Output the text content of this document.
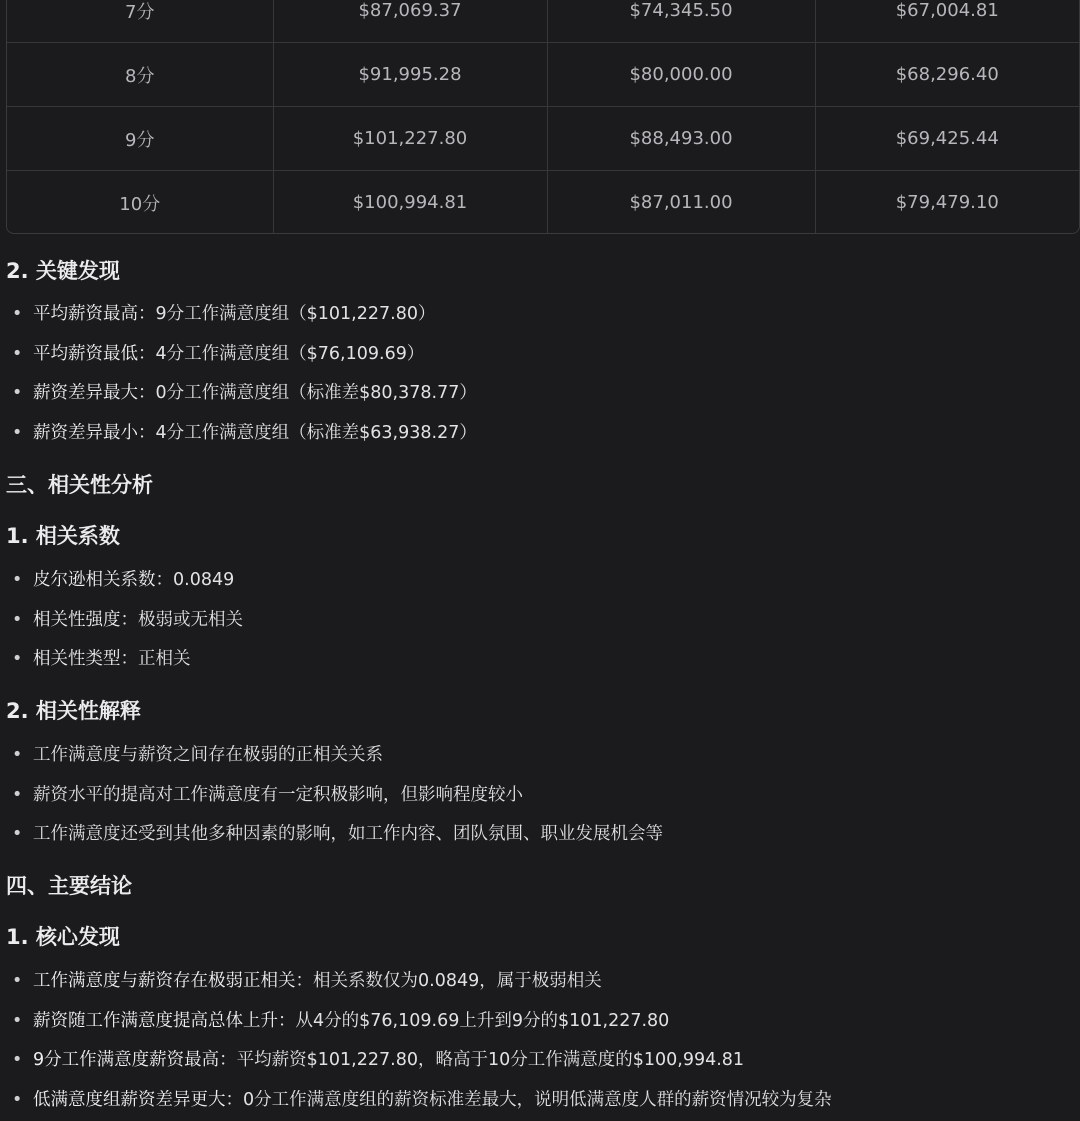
7分	$87,069.37	$74,345.50	$67,004.81
8分	$91,995.28	$80,000.00	$68,296.40
9分	$101,227.80	$88,493.00	$69,425.44
10分	$100,994.81	$87,011.00	$79,479.10
2. 关键发现
• 平均薪资最高：9分工作满意度组（$101,227.80）
• 平均薪资最低：4分工作满意度组（$76,109.69）
• 薪资差异最大：0分工作满意度组（标准差$80,378.77）
• 薪资差异最小：4分工作满意度组（标准差$63,938.27）
三、相关性分析
1. 相关系数
• 皮尔逊相关系数：0.0849
• 相关性强度：极弱或无相关
• 相关性类型：正相关
2. 相关性解释
• 工作满意度与薪资之间存在极弱的正相关关系
• 薪资水平的提高对工作满意度有一定积极影响，但影响程度较小
• 工作满意度还受到其他多种因素的影响，如工作内容、团队氛围、职业发展机会等
四、主要结论
1. 核心发现
• 工作满意度与薪资存在极弱正相关：相关系数仅为0.0849，属于极弱相关
• 薪资随工作满意度提高总体上升：从4分的$76,109.69上升到9分的$101,227.80
• 9分工作满意度薪资最高：平均薪资$101,227.80，略高于10分工作满意度的$100,994.81
• 低满意度组薪资差异更大：0分工作满意度组的薪资标准差最大，说明低满意度人群的薪资情况较为复杂
